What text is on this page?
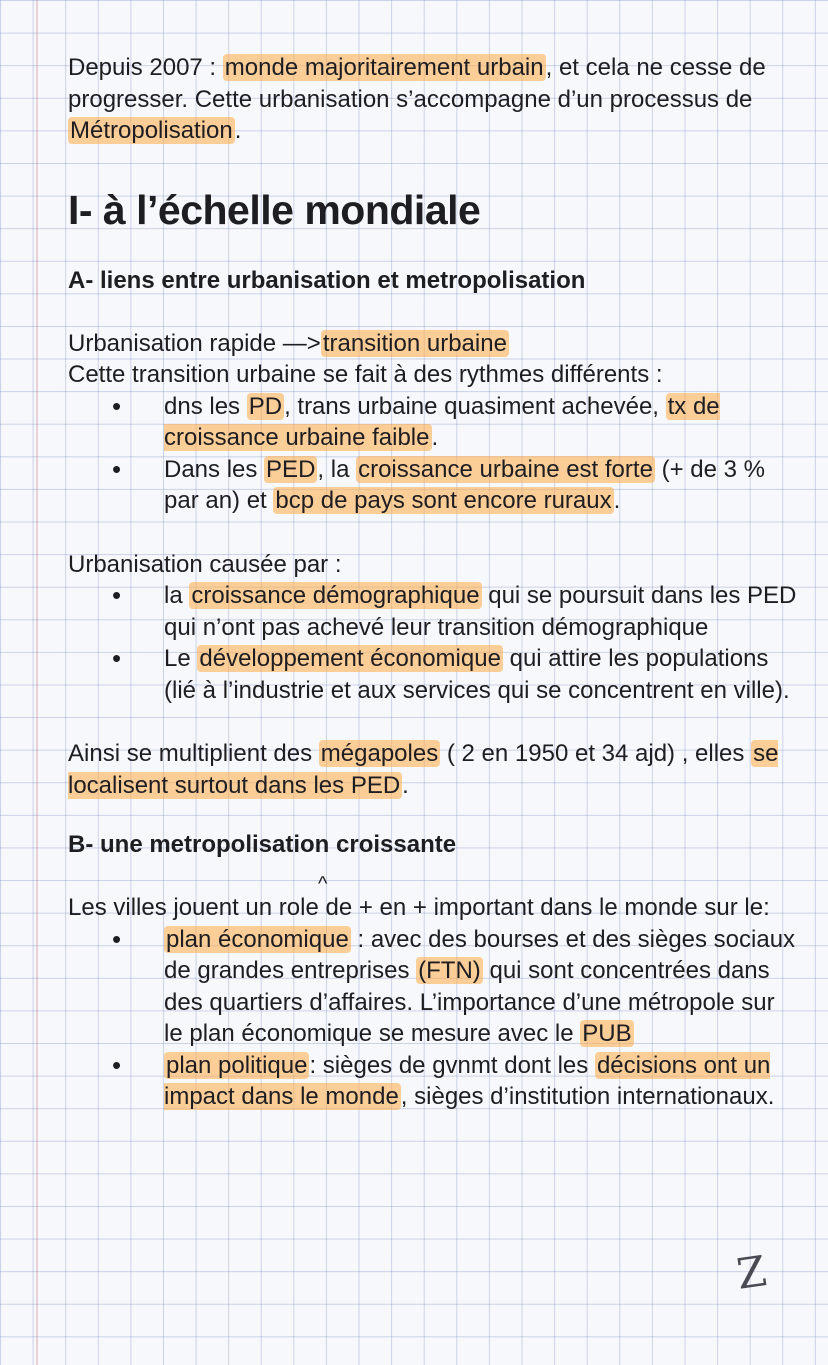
Depuis 2007 : monde majoritairement urbain, et cela ne cesse de progresser. Cette urbanisation s’accompagne d’un processus de Métropolisation.

I- à l’échelle mondiale
A- liens entre urbanisation et metropolisation

Urbanisation rapide —>transition urbaine

Cette transition urbaine se fait à des rythmes différents :

• dns les PD, trans urbaine quasiment achevée, tx de croissance urbaine faible.
• Dans les PED, la croissance urbaine est forte (+ de 3 % par an) et bcp de pays sont encore ruraux.

Urbanisation causée par :

• la croissance démographique qui se poursuit dans les PED qui n’ont pas achevé leur transition démographique
• Le développement économique qui attire les populations (lié à l’industrie et aux services qui se concentrent en ville).

Ainsi se multiplient des mégapoles ( 2 en 1950 et 34 ajd) , elles se localisent surtout dans les PED.

B- une metropolisation croissante
^

Les villes jouent un role de + en + important dans le monde sur le:

• plan économique : avec des bourses et des sièges sociaux de grandes entreprises (FTN) qui sont concentrées dans des quartiers d’affaires. L’importance d’une métropole sur le plan économique se mesure avec le PUB
• plan politique: sièges de gvnmt dont les décisions ont un impact dans le monde, sièges d’institution internationaux.
Z
